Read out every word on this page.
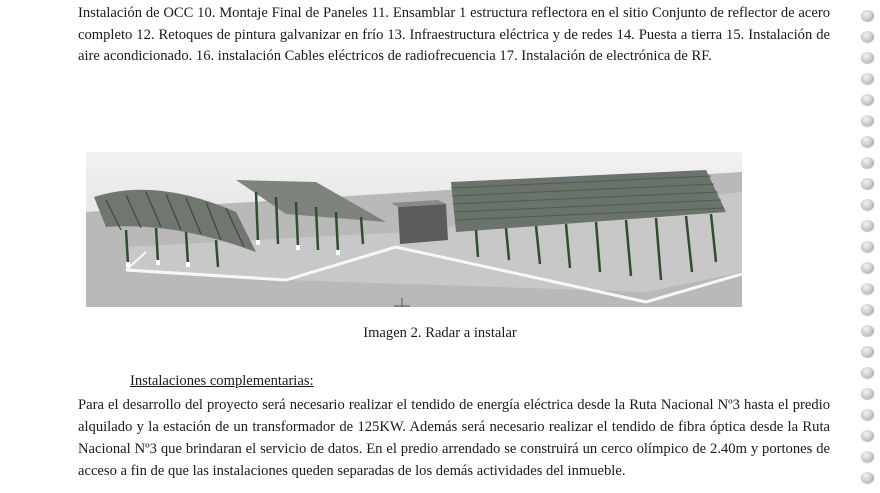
Instalación de OCC 10. Montaje Final de Paneles 11. Ensamblar 1 estructura reflectora en el sitio Conjunto de reflector de acero completo 12. Retoques de pintura galvanizar en frío 13. Infraestructura eléctrica y de redes 14. Puesta a tierra 15. Instalación de aire acondicionado. 16. instalación Cables eléctricos de radiofrecuencia 17. Instalación de electrónica de RF.

Imagen 2. Radar a instalar

Instalaciones complementarias:

Para el desarrollo del proyecto será necesario realizar el tendido de energía eléctrica desde la Ruta Nacional Nº3 hasta el predio alquilado y la estación de un transformador de 125KW. Además será necesario realizar el tendido de fibra óptica desde la Ruta Nacional Nº3 que brindaran el servicio de datos. En el predio arrendado se construirá un cerco olímpico de 2.40m y portones de acceso a fin de que las instalaciones queden separadas de los demás actividades del inmueble.
